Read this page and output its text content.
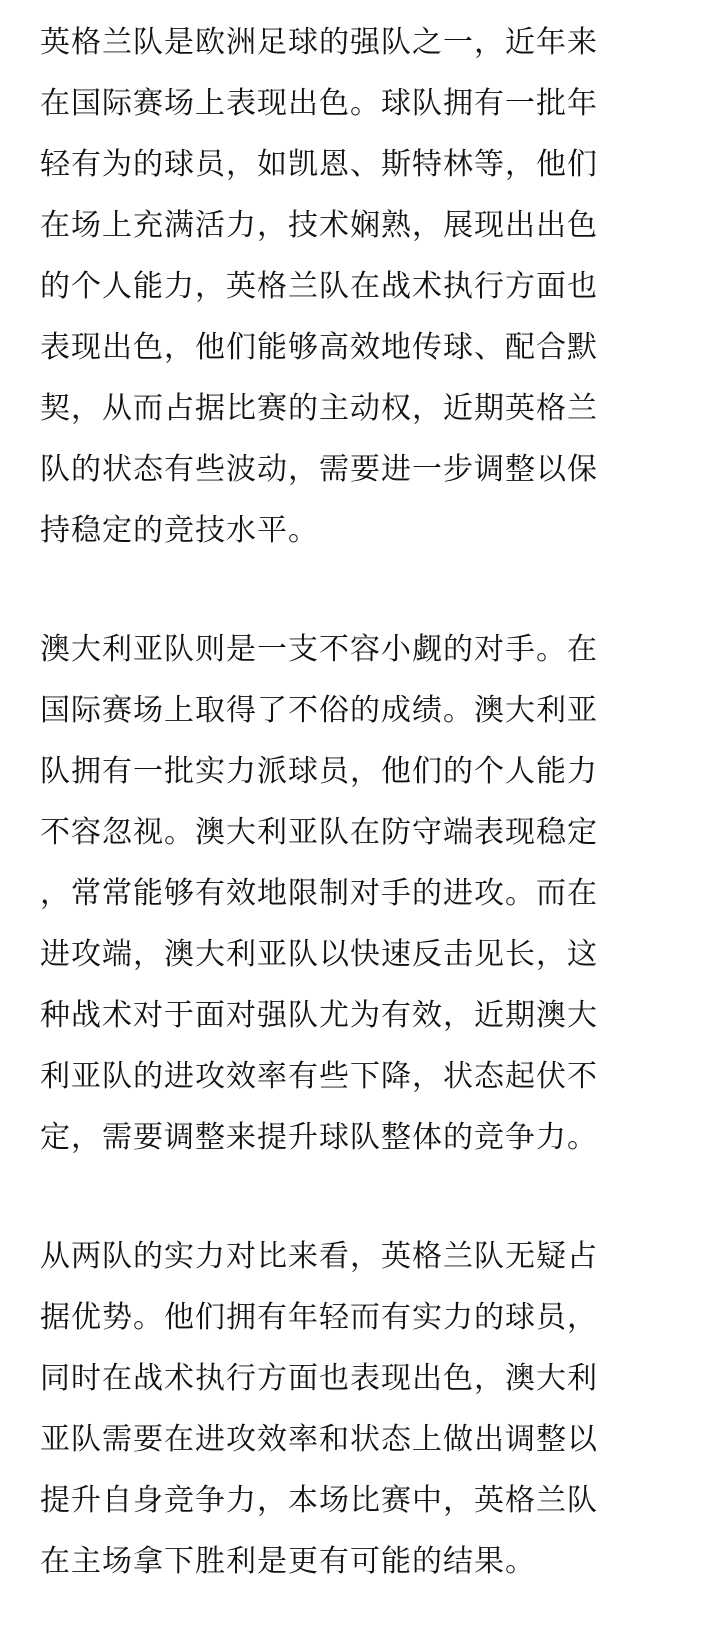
英格兰队是欧洲足球的强队之一，近年来
在国际赛场上表现出色。球队拥有一批年
轻有为的球员，如凯恩、斯特林等，他们
在场上充满活力，技术娴熟，展现出出色
的个人能力，英格兰队在战术执行方面也
表现出色，他们能够高效地传球、配合默
契，从而占据比赛的主动权，近期英格兰
队的状态有些波动，需要进一步调整以保
持稳定的竞技水平。
澳大利亚队则是一支不容小觑的对手。在
国际赛场上取得了不俗的成绩。澳大利亚
队拥有一批实力派球员，他们的个人能力
不容忽视。澳大利亚队在防守端表现稳定
，常常能够有效地限制对手的进攻。而在
进攻端，澳大利亚队以快速反击见长，这
种战术对于面对强队尤为有效，近期澳大
利亚队的进攻效率有些下降，状态起伏不
定，需要调整来提升球队整体的竞争力。
从两队的实力对比来看，英格兰队无疑占
据优势。他们拥有年轻而有实力的球员，
同时在战术执行方面也表现出色，澳大利
亚队需要在进攻效率和状态上做出调整以
提升自身竞争力，本场比赛中，英格兰队
在主场拿下胜利是更有可能的结果。
